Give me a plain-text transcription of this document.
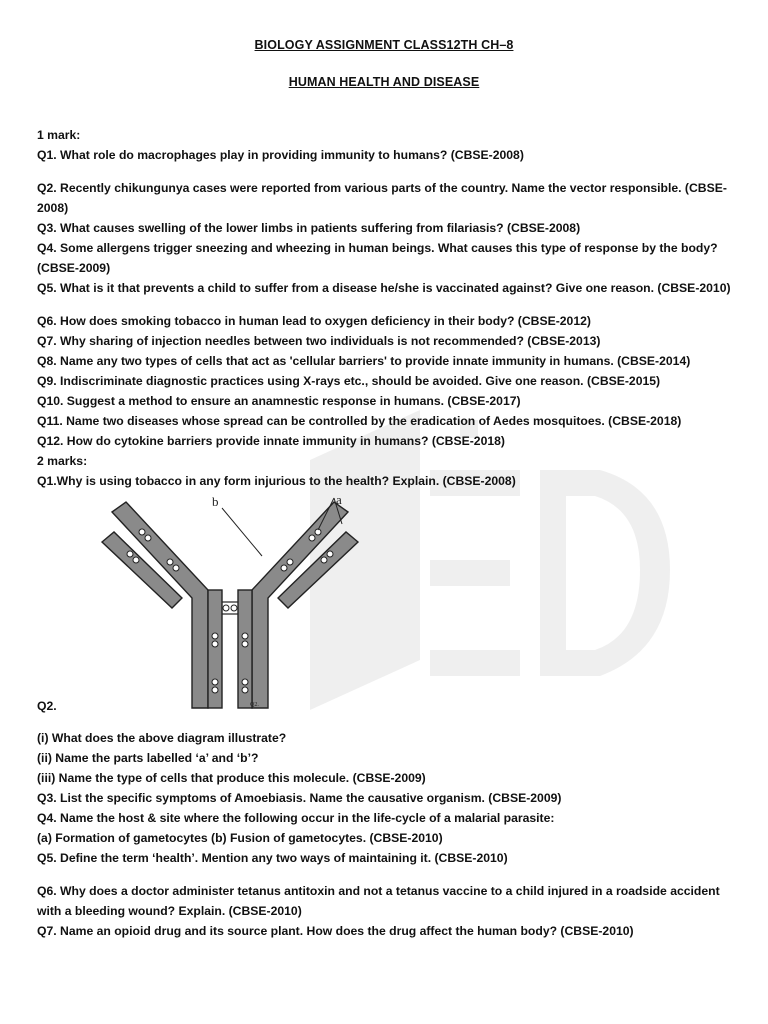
BIOLOGY ASSIGNMENT CLASS12TH CH–8
HUMAN HEALTH AND DISEASE
1 mark:
Q1. What role do macrophages play in providing immunity to humans? (CBSE-2008)
Q2. Recently chikungunya cases were reported from various parts of the country. Name the vector responsible. (CBSE-
2008)
Q3. What causes swelling of the lower limbs in patients suffering from filariasis? (CBSE-2008)
Q4. Some allergens trigger sneezing and wheezing in human beings. What causes this type of response by the body?
(CBSE-2009)
Q5. What is it that prevents a child to suffer from a disease he/she is vaccinated against? Give one reason. (CBSE-2010)
Q6. How does smoking tobacco in human lead to oxygen deficiency in their body? (CBSE-2012)
Q7. Why sharing of injection needles between two individuals is not recommended? (CBSE-2013)
Q8. Name any two types of cells that act as 'cellular barriers' to provide innate immunity in humans. (CBSE-2014)
Q9. Indiscriminate diagnostic practices using X-rays etc., should be avoided. Give one reason. (CBSE-2015)
Q10. Suggest a method to ensure an anamnestic response in humans. (CBSE-2017)
Q11. Name two diseases whose spread can be controlled by the eradication of Aedes mosquitoes. (CBSE-2018)
Q12. How do cytokine barriers provide innate immunity in humans? (CBSE-2018)
2 marks:
Q1.Why is using tobacco in any form injurious to the health? Explain. (CBSE-2008)
b	a
Q2.
Q2.
(i) What does the above diagram illustrate?
(ii) Name the parts labelled ‘a’ and ‘b’?
(iii) Name the type of cells that produce this molecule. (CBSE-2009)
Q3. List the specific symptoms of Amoebiasis. Name the causative organism. (CBSE-2009)
Q4. Name the host & site where the following occur in the life-cycle of a malarial parasite:
(a) Formation of gametocytes (b) Fusion of gametocytes. (CBSE-2010)
Q5. Define the term ‘health’. Mention any two ways of maintaining it. (CBSE-2010)
Q6. Why does a doctor administer tetanus antitoxin and not a tetanus vaccine to a child injured in a roadside accident
with a bleeding wound? Explain. (CBSE-2010)
Q7. Name an opioid drug and its source plant. How does the drug affect the human body? (CBSE-2010)
